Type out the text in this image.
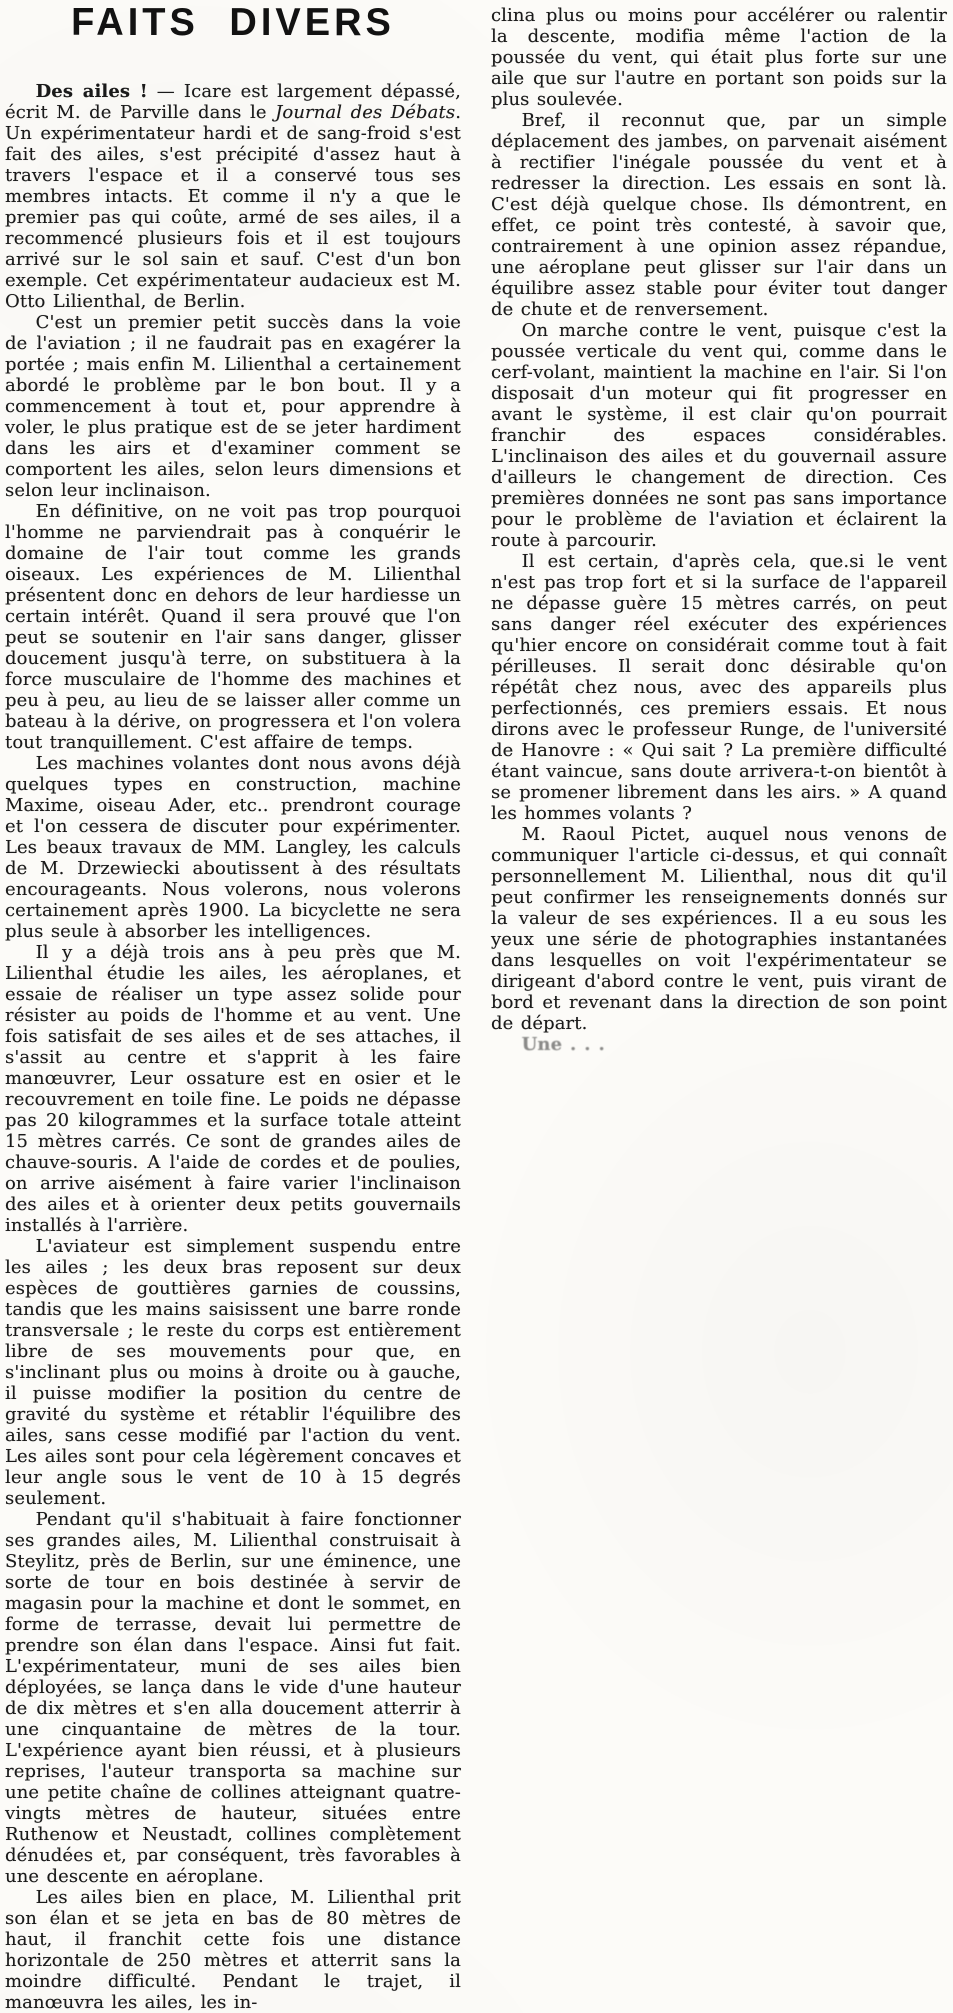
FAITS DIVERS

Des ailes ! — Icare est largement dépassé, écrit M. de Parville dans le Journal des Débats. Un expérimentateur hardi et de sang-froid s'est fait des ailes, s'est précipité d'assez haut à travers l'espace et il a conservé tous ses membres intacts. Et comme il n'y a que le premier pas qui coûte, armé de ses ailes, il a recommencé plusieurs fois et il est toujours arrivé sur le sol sain et sauf. C'est d'un bon exemple. Cet expérimentateur audacieux est M. Otto Lilienthal, de Berlin.

C'est un premier petit succès dans la voie de l'aviation ; il ne faudrait pas en exagérer la portée ; mais enfin M. Lilienthal a certainement abordé le problème par le bon bout. Il y a commencement à tout et, pour apprendre à voler, le plus pratique est de se jeter hardiment dans les airs et d'examiner comment se comportent les ailes, selon leurs dimensions et selon leur inclinaison.

En définitive, on ne voit pas trop pourquoi l'homme ne parviendrait pas à conquérir le domaine de l'air tout comme les grands oiseaux. Les expériences de M. Lilienthal présentent donc en dehors de leur hardiesse un certain intérêt. Quand il sera prouvé que l'on peut se soutenir en l'air sans danger, glisser doucement jusqu'à terre, on substituera à la force musculaire de l'homme des machines et peu à peu, au lieu de se laisser aller comme un bateau à la dérive, on progressera et l'on volera tout tranquillement. C'est affaire de temps.

Les machines volantes dont nous avons déjà quelques types en construction, machine Maxime, oiseau Ader, etc.. prendront courage et l'on cessera de discuter pour expérimenter. Les beaux travaux de MM. Langley, les calculs de M. Drzewiecki aboutissent à des résultats encourageants. Nous volerons, nous volerons certainement après 1900. La bicyclette ne sera plus seule à absorber les intelligences.

Il y a déjà trois ans à peu près que M. Lilienthal étudie les ailes, les aéroplanes, et essaie de réaliser un type assez solide pour résister au poids de l'homme et au vent. Une fois satisfait de ses ailes et de ses attaches, il s'assit au centre et s'apprit à les faire manœuvrer, Leur ossature est en osier et le recouvrement en toile fine. Le poids ne dépasse pas 20 kilogrammes et la surface totale atteint 15 mètres carrés. Ce sont de grandes ailes de chauve-souris. A l'aide de cordes et de poulies, on arrive aisément à faire varier l'inclinaison des ailes et à orienter deux petits gouvernails installés à l'arrière.

L'aviateur est simplement suspendu entre les ailes ; les deux bras reposent sur deux espèces de gouttières garnies de coussins, tandis que les mains saisissent une barre ronde transversale ; le reste du corps est entièrement libre de ses mouvements pour que, en s'inclinant plus ou moins à droite ou à gauche, il puisse modifier la position du centre de gravité du système et rétablir l'équilibre des ailes, sans cesse modifié par l'action du vent. Les ailes sont pour cela légèrement concaves et leur angle sous le vent de 10 à 15 degrés seulement.

Pendant qu'il s'habituait à faire fonctionner ses grandes ailes, M. Lilienthal construisait à Steylitz, près de Berlin, sur une éminence, une sorte de tour en bois destinée à servir de magasin pour la machine et dont le sommet, en forme de terrasse, devait lui permettre de prendre son élan dans l'espace. Ainsi fut fait. L'expérimentateur, muni de ses ailes bien déployées, se lança dans le vide d'une hauteur de dix mètres et s'en alla doucement atterrir à une cinquantaine de mètres de la tour. L'expérience ayant bien réussi, et à plusieurs reprises, l'auteur transporta sa machine sur une petite chaîne de collines atteignant quatre-vingts mètres de hauteur, situées entre Ruthenow et Neustadt, collines complètement dénudées et, par conséquent, très favorables à une descente en aéroplane.

Les ailes bien en place, M. Lilienthal prit son élan et se jeta en bas de 80 mètres de haut, il franchit cette fois une distance horizontale de 250 mètres et atterrit sans la moindre difficulté. Pendant le trajet, il manœuvra les ailes, les in-

clina plus ou moins pour accélérer ou ralentir la descente, modifia même l'action de la poussée du vent, qui était plus forte sur une aile que sur l'autre en portant son poids sur la plus soulevée.

Bref, il reconnut que, par un simple déplacement des jambes, on parvenait aisément à rectifier l'inégale poussée du vent et à redresser la direction. Les essais en sont là. C'est déjà quelque chose. Ils démontrent, en effet, ce point très contesté, à savoir que, contrairement à une opinion assez répandue, une aéroplane peut glisser sur l'air dans un équilibre assez stable pour éviter tout danger de chute et de renversement.

On marche contre le vent, puisque c'est la poussée verticale du vent qui, comme dans le cerf-volant, maintient la machine en l'air. Si l'on disposait d'un moteur qui fit progresser en avant le système, il est clair qu'on pourrait franchir des espaces considérables. L'inclinaison des ailes et du gouvernail assure d'ailleurs le changement de direction. Ces premières données ne sont pas sans importance pour le problème de l'aviation et éclairent la route à parcourir.

Il est certain, d'après cela, que.si le vent n'est pas trop fort et si la surface de l'appareil ne dépasse guère 15 mètres carrés, on peut sans danger réel exécuter des expériences qu'hier encore on considérait comme tout à fait périlleuses. Il serait donc désirable qu'on répétât chez nous, avec des appareils plus perfectionnés, ces premiers essais. Et nous dirons avec le professeur Runge, de l'université de Hanovre : « Qui sait ? La première difficulté étant vaincue, sans doute arrivera-t-on bientôt à se promener librement dans les airs. » A quand les hommes volants ?

M. Raoul Pictet, auquel nous venons de communiquer l'article ci-dessus, et qui connaît personnellement M. Lilienthal, nous dit qu'il peut confirmer les renseignements donnés sur la valeur de ses expériences. Il a eu sous les yeux une série de photographies instantanées dans lesquelles on voit l'expérimentateur se dirigeant d'abord contre le vent, puis virant de bord et revenant dans la direction de son point de départ.

Une . . .
